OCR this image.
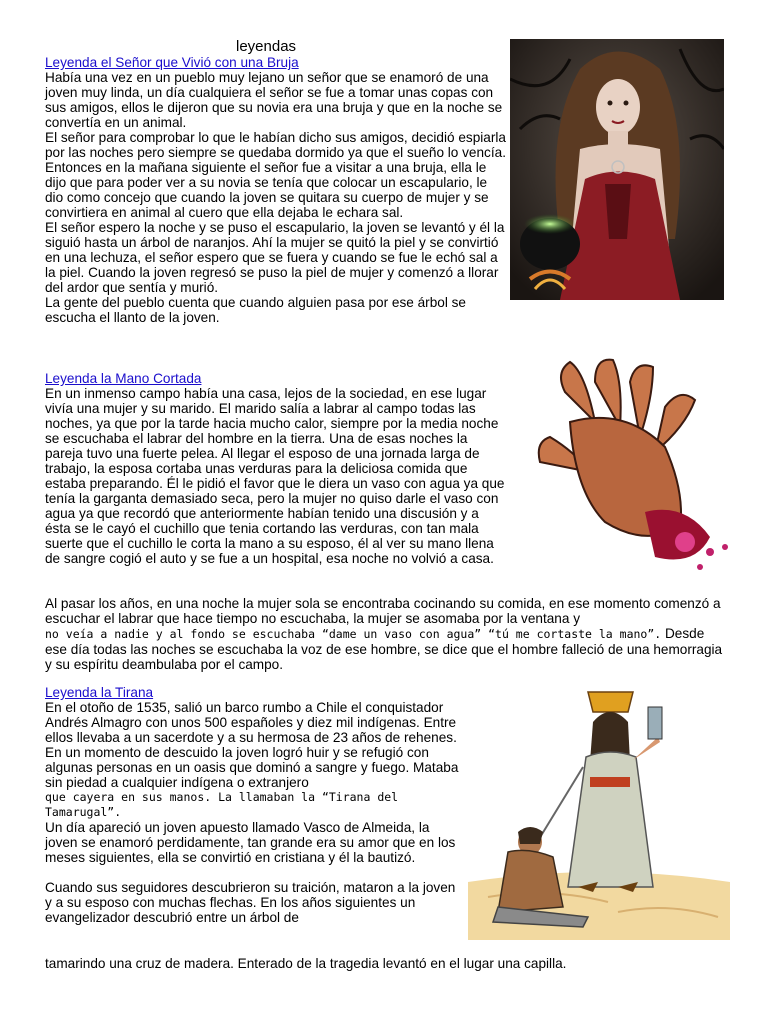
leyendas
Leyenda el Señor que Vivió con una Bruja

Había una vez en un pueblo muy lejano un señor que se enamoró de una joven muy linda, un día cualquiera el señor se fue a tomar unas copas con sus amigos, ellos le dijeron que su novia era una bruja y que en la noche se convertía en un animal.

El señor para comprobar lo que le habían dicho sus amigos, decidió espiarla por las noches pero siempre se quedaba dormido ya que el sueño lo vencía. Entonces en la mañana siguiente el señor fue a visitar a una bruja, ella le dijo que para poder ver a su novia se tenía que colocar un escapulario, le dio como concejo que cuando la joven se quitara su cuerpo de mujer y se convirtiera en animal al cuero que ella dejaba le echara sal.

El señor espero la noche y se puso el escapulario, la joven se levantó y él la siguió hasta un árbol de naranjos. Ahí la mujer se quitó la piel y se convirtió en una lechuza, el señor espero que se fuera y cuando se fue le echó sal a la piel. Cuando la joven regresó se puso la piel de mujer y comenzó a llorar del ardor que sentía y murió.

La gente del pueblo cuenta que cuando alguien pasa por ese árbol se escucha el llanto de la joven.

Leyenda la Mano Cortada

En un inmenso campo había una casa, lejos de la sociedad, en ese lugar vivía una mujer y su marido. El marido salía a labrar al campo todas las noches, ya que por la tarde hacia mucho calor, siempre por la media noche se escuchaba el labrar del hombre en la tierra. Una de esas noches la pareja tuvo una fuerte pelea. Al llegar el esposo de una jornada larga de trabajo, la esposa cortaba unas verduras para la deliciosa comida que estaba preparando. Él le pidió el favor que le diera un vaso con agua ya que tenía la garganta demasiado seca, pero la mujer no quiso darle el vaso con agua ya que recordó que anteriormente habían tenido una discusión y a ésta se le cayó el cuchillo que tenia cortando las verduras, con tan mala suerte que el cuchillo le corta la mano a su esposo, él al ver su mano llena de sangre cogió el auto y se fue a un hospital, esa noche no volvió a casa.

Al pasar los años, en una noche la mujer sola se encontraba cocinando su comida, en ese momento comenzó a escuchar el labrar que hace tiempo no escuchaba, la mujer se asomaba por la ventana y
no veía a nadie y al fondo se escuchaba “dame un vaso con agua” “tú me cortaste la mano”. Desde ese día todas las noches se escuchaba la voz de ese hombre, se dice que el hombre falleció de una hemorragia y su espíritu deambulaba por el campo.

Leyenda la Tirana

En el otoño de 1535, salió un barco rumbo a Chile el conquistador Andrés Almagro con unos 500 españoles y diez mil indígenas. Entre ellos llevaba a un sacerdote y a su hermosa de 23 años de rehenes.

En un momento de descuido la joven logró huir y se refugió con algunas personas en un oasis que dominó a sangre y fuego. Mataba sin piedad a cualquier indígena o extranjero

que cayera en sus manos. La llamaban la “Tirana del Tamarugal”.

Un día apareció un joven apuesto llamado Vasco de Almeida, la joven se enamoró perdidamente, tan grande era su amor que en los meses siguientes, ella se convirtió en cristiana y él la bautizó.

Cuando sus seguidores descubrieron su traición, mataron a la joven y a su esposo con muchas flechas. En los años siguientes un evangelizador descubrió entre un árbol de

tamarindo una cruz de madera. Enterado de la tragedia levantó en el lugar una capilla.
